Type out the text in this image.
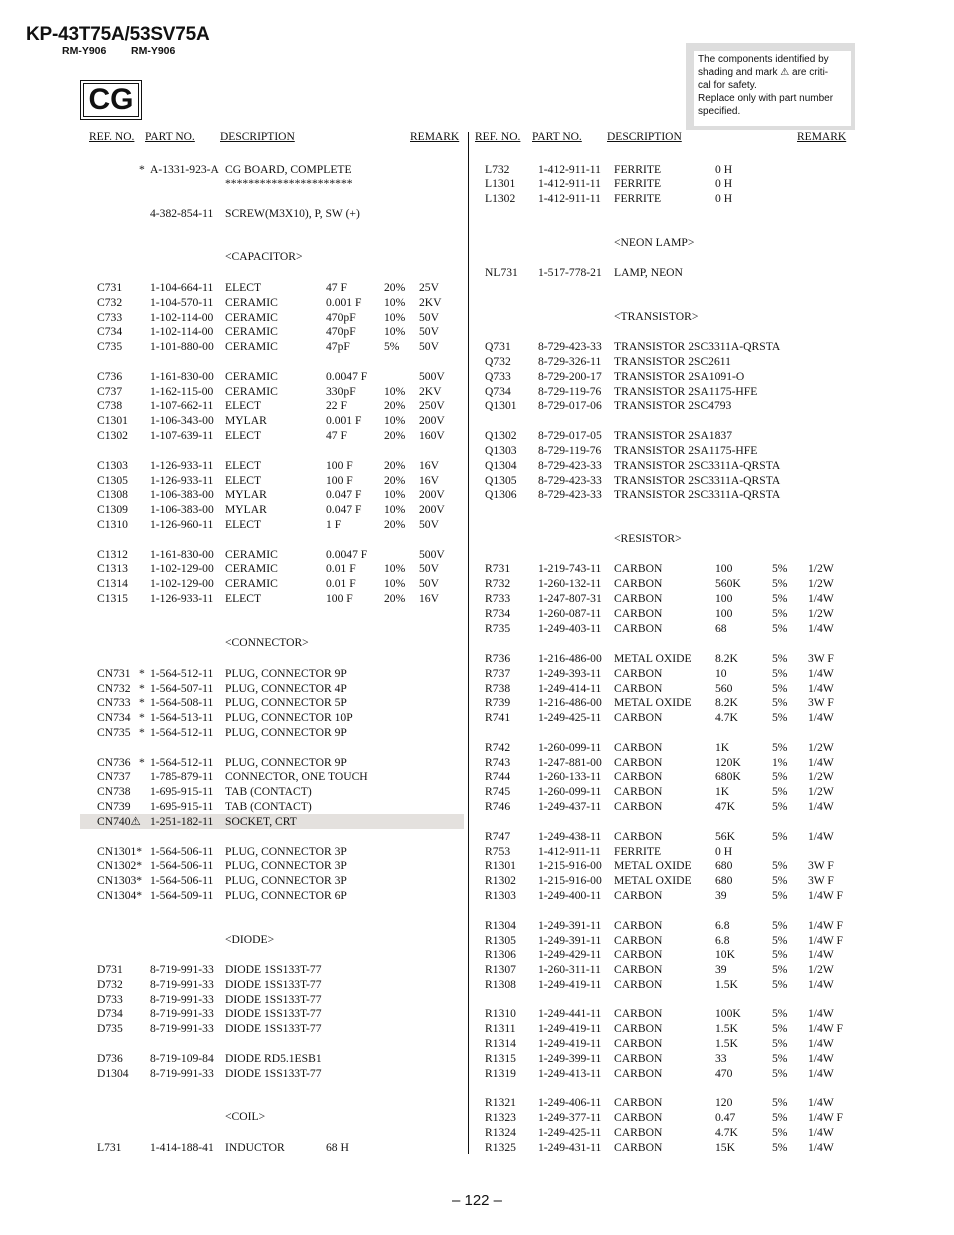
KP-43T75A/53SV75A
RM-Y906 RM-Y906
The components identified by
shading and mark ⚠ are criti-
cal for safety.
Replace only with part number
specified.
CG
REF. NO. PART NO. DESCRIPTION	REMARK REF. NO. PART NO. DESCRIPTION	REMARK
* A-1331-923-A CG BOARD, COMPLETE
**********************
4-382-854-11 SCREW(M3X10), P, SW (+)
<CAPACITOR>
C731 1-104-664-11 ELECT	47 F	20% 25V
C732 1-104-570-11 CERAMIC	0.001 F 10% 2KV
C733 1-102-114-00 CERAMIC	470pF 10% 50V
C734 1-102-114-00 CERAMIC	470pF 10% 50V
C735 1-101-880-00 CERAMIC	47pF	5% 50V
C736 1-161-830-00 CERAMIC	0.0047 F	500V
C737 1-162-115-00 CERAMIC	330pF 10% 2KV
C738 1-107-662-11 ELECT	22 F	20% 250V
C1301 1-106-343-00 MYLAR	0.001 F 10% 200V
C1302 1-107-639-11 ELECT	47 F	20% 160V
C1303 1-126-933-11 ELECT	100 F	20% 16V
C1305 1-126-933-11 ELECT	100 F	20% 16V
C1308 1-106-383-00 MYLAR	0.047 F 10% 200V
C1309 1-106-383-00 MYLAR	0.047 F 10% 200V
C1310 1-126-960-11 ELECT	1 F	20% 50V
C1312 1-161-830-00 CERAMIC	0.0047 F	500V
C1313 1-102-129-00 CERAMIC	0.01 F 10% 50V
C1314 1-102-129-00 CERAMIC	0.01 F 10% 50V
C1315 1-126-933-11 ELECT	100 F	20% 16V
<CONNECTOR>
CN731 * 1-564-512-11 PLUG, CONNECTOR 9P
CN732 * 1-564-507-11 PLUG, CONNECTOR 4P
CN733 * 1-564-508-11 PLUG, CONNECTOR 5P
CN734 * 1-564-513-11 PLUG, CONNECTOR 10P
CN735 * 1-564-512-11 PLUG, CONNECTOR 9P
CN736 * 1-564-512-11 PLUG, CONNECTOR 9P
CN737 1-785-879-11 CONNECTOR, ONE TOUCH
CN738 1-695-915-11 TAB (CONTACT)
CN739 1-695-915-11 TAB (CONTACT)
CN740⚠ 1-251-182-11 SOCKET, CRT
CN1301* 1-564-506-11 PLUG, CONNECTOR 3P
CN1302* 1-564-506-11 PLUG, CONNECTOR 3P
CN1303* 1-564-506-11 PLUG, CONNECTOR 3P
CN1304* 1-564-509-11 PLUG, CONNECTOR 6P
<DIODE>
D731 8-719-991-33 DIODE 1SS133T-77
D732 8-719-991-33 DIODE 1SS133T-77
D733 8-719-991-33 DIODE 1SS133T-77
D734 8-719-991-33 DIODE 1SS133T-77
D735 8-719-991-33 DIODE 1SS133T-77
D736 8-719-109-84 DIODE RD5.1ESB1
D1304 8-719-991-33 DIODE 1SS133T-77
<COIL>
L731 1-414-188-41 INDUCTOR	68 H
L732 1-412-911-11 FERRITE	0 H
L1301 1-412-911-11 FERRITE	0 H
L1302 1-412-911-11 FERRITE	0 H
<NEON LAMP>
NL731 1-517-778-21 LAMP, NEON
<TRANSISTOR>
Q731 8-729-423-33 TRANSISTOR 2SC3311A-QRSTA
Q732 8-729-326-11 TRANSISTOR 2SC2611
Q733 8-729-200-17 TRANSISTOR 2SA1091-O
Q734 8-729-119-76 TRANSISTOR 2SA1175-HFE
Q1301 8-729-017-06 TRANSISTOR 2SC4793
Q1302 8-729-017-05 TRANSISTOR 2SA1837
Q1303 8-729-119-76 TRANSISTOR 2SA1175-HFE
Q1304 8-729-423-33 TRANSISTOR 2SC3311A-QRSTA
Q1305 8-729-423-33 TRANSISTOR 2SC3311A-QRSTA
Q1306 8-729-423-33 TRANSISTOR 2SC3311A-QRSTA
<RESISTOR>
R731 1-219-743-11 CARBON	100	5% 1/2W
R732 1-260-132-11 CARBON	560K	5% 1/2W
R733 1-247-807-31 CARBON	100	5% 1/4W
R734 1-260-087-11 CARBON	100	5% 1/2W
R735 1-249-403-11 CARBON	68	5% 1/4W
R736 1-216-486-00 METAL OXIDE 8.2K	5% 3W F
R737 1-249-393-11 CARBON	10	5% 1/4W
R738 1-249-414-11 CARBON	560	5% 1/4W
R739 1-216-486-00 METAL OXIDE 8.2K	5% 3W F
R741 1-249-425-11 CARBON	4.7K	5% 1/4W
R742 1-260-099-11 CARBON	1K	5% 1/2W
R743 1-247-881-00 CARBON	120K	1% 1/4W
R744 1-260-133-11 CARBON	680K	5% 1/2W
R745 1-260-099-11 CARBON	1K	5% 1/2W
R746 1-249-437-11 CARBON	47K	5% 1/4W
R747 1-249-438-11 CARBON	56K	5% 1/4W
R753 1-412-911-11 FERRITE	0 H
R1301 1-215-916-00 METAL OXIDE 680	5% 3W F
R1302 1-215-916-00 METAL OXIDE 680	5% 3W F
R1303 1-249-400-11 CARBON	39	5% 1/4W F
R1304 1-249-391-11 CARBON	6.8	5% 1/4W F
R1305 1-249-391-11 CARBON	6.8	5% 1/4W F
R1306 1-249-429-11 CARBON	10K	5% 1/4W
R1307 1-260-311-11 CARBON	39	5% 1/2W
R1308 1-249-419-11 CARBON	1.5K	5% 1/4W
R1310 1-249-441-11 CARBON	100K	5% 1/4W
R1311 1-249-419-11 CARBON	1.5K	5% 1/4W F
R1314 1-249-419-11 CARBON	1.5K	5% 1/4W
R1315 1-249-399-11 CARBON	33	5% 1/4W
R1319 1-249-413-11 CARBON	470	5% 1/4W
R1321 1-249-406-11 CARBON	120	5% 1/4W
R1323 1-249-377-11 CARBON	0.47	5% 1/4W F
R1324 1-249-425-11 CARBON	4.7K	5% 1/4W
R1325 1-249-431-11 CARBON	15K	5% 1/4W
– 122 –
